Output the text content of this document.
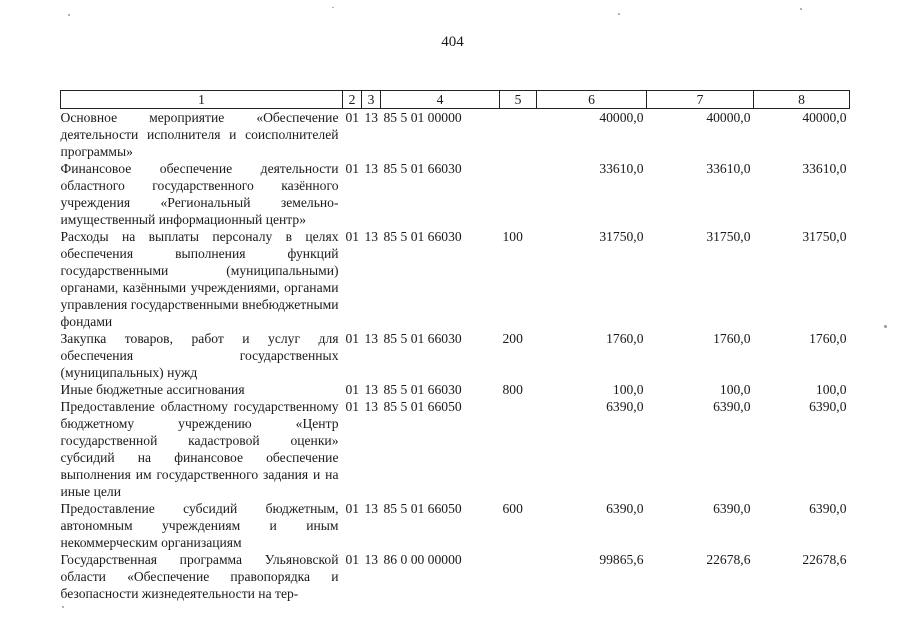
404
1	2	3	4	5	6	7	8
Основное мероприятие «Обеспечение деятельности исполнителя и соисполнителей программы»	01	13	85 5 01 00000		40000,0	40000,0	40000,0
Финансовое обеспечение деятельности областного государственного казённого учреждения «Региональный земельно-имущественный информационный центр»	01	13	85 5 01 66030		33610,0	33610,0	33610,0
Расходы на выплаты персоналу в целях обеспечения выполнения функций государственными (муниципальными) органами, казёнными учреждениями, органами управления государственными внебюджетными фондами	01	13	85 5 01 66030	100	31750,0	31750,0	31750,0
Закупка товаров, работ и услуг для обеспечения государственных (муниципальных) нужд	01	13	85 5 01 66030	200	1760,0	1760,0	1760,0
Иные бюджетные ассигнования	01	13	85 5 01 66030	800	100,0	100,0	100,0
Предоставление областному государственному бюджетному учреждению «Центр государственной кадастровой оценки» субсидий на финансовое обеспечение выполнения им государственного задания и на иные цели	01	13	85 5 01 66050		6390,0	6390,0	6390,0
Предоставление субсидий бюджетным, автономным учреждениям и иным некоммерческим организациям	01	13	85 5 01 66050	600	6390,0	6390,0	6390,0
Государственная программа Ульяновской области «Обеспечение правопорядка и безопасности жизнедеятельности на тер-	01	13	86 0 00 00000		99865,6	22678,6	22678,6
